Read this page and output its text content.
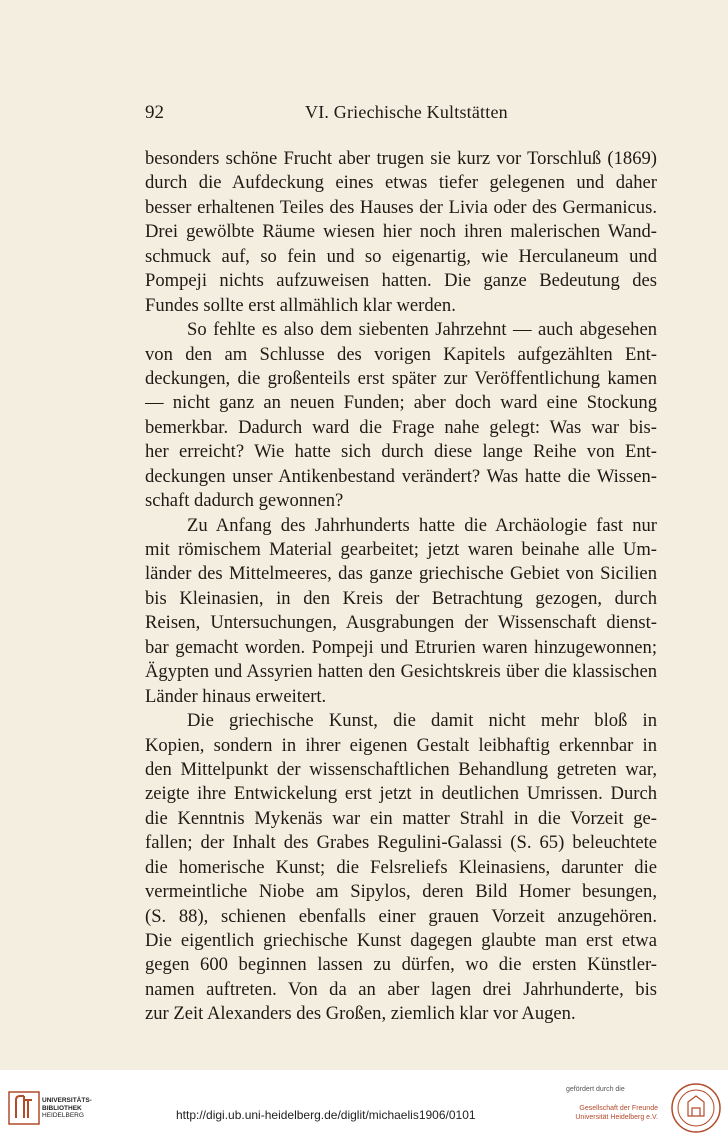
92	VI. Griechische Kultstätten
besonders schöne Frucht aber trugen sie kurz vor Torschluß (1869)
durch die Aufdeckung eines etwas tiefer gelegenen und daher
besser erhaltenen Teiles des Hauses der Livia oder des Germanicus.
Drei gewölbte Räume wiesen hier noch ihren malerischen Wand-
schmuck auf, so fein und so eigenartig, wie Herculaneum und
Pompeji nichts aufzuweisen hatten. Die ganze Bedeutung des
Fundes sollte erst allmählich klar werden.
So fehlte es also dem siebenten Jahrzehnt — auch abgesehen
von den am Schlusse des vorigen Kapitels aufgezählten Ent-
deckungen, die großenteils erst später zur Veröffentlichung kamen
— nicht ganz an neuen Funden; aber doch ward eine Stockung
bemerkbar. Dadurch ward die Frage nahe gelegt: Was war bis-
her erreicht? Wie hatte sich durch diese lange Reihe von Ent-
deckungen unser Antikenbestand verändert? Was hatte die Wissen-
schaft dadurch gewonnen?
Zu Anfang des Jahrhunderts hatte die Archäologie fast nur
mit römischem Material gearbeitet; jetzt waren beinahe alle Um-
länder des Mittelmeeres, das ganze griechische Gebiet von Sicilien
bis Kleinasien, in den Kreis der Betrachtung gezogen, durch
Reisen, Untersuchungen, Ausgrabungen der Wissenschaft dienst-
bar gemacht worden. Pompeji und Etrurien waren hinzugewonnen;
Ägypten und Assyrien hatten den Gesichtskreis über die klassischen
Länder hinaus erweitert.
Die griechische Kunst, die damit nicht mehr bloß in
Kopien, sondern in ihrer eigenen Gestalt leibhaftig erkennbar in
den Mittelpunkt der wissenschaftlichen Behandlung getreten war,
zeigte ihre Entwickelung erst jetzt in deutlichen Umrissen. Durch
die Kenntnis Mykenäs war ein matter Strahl in die Vorzeit ge-
fallen; der Inhalt des Grabes Regulini-Galassi (S. 65) beleuchtete
die homerische Kunst; die Felsreliefs Kleinasiens, darunter die
vermeintliche Niobe am Sipylos, deren Bild Homer besungen,
(S. 88), schienen ebenfalls einer grauen Vorzeit anzugehören.
Die eigentlich griechische Kunst dagegen glaubte man erst etwa
gegen 600 beginnen lassen zu dürfen, wo die ersten Künstler-
namen auftreten. Von da an aber lagen drei Jahrhunderte, bis
zur Zeit Alexanders des Großen, ziemlich klar vor Augen.
UNIVERSITÄTS-
BIBLIOTHEK
HEIDELBERG	http://digi.ub.uni-heidelberg.de/diglit/michaelis1906/0101
gefördert durch die
Gesellschaft der Freunde
Universität Heidelberg e.V.
